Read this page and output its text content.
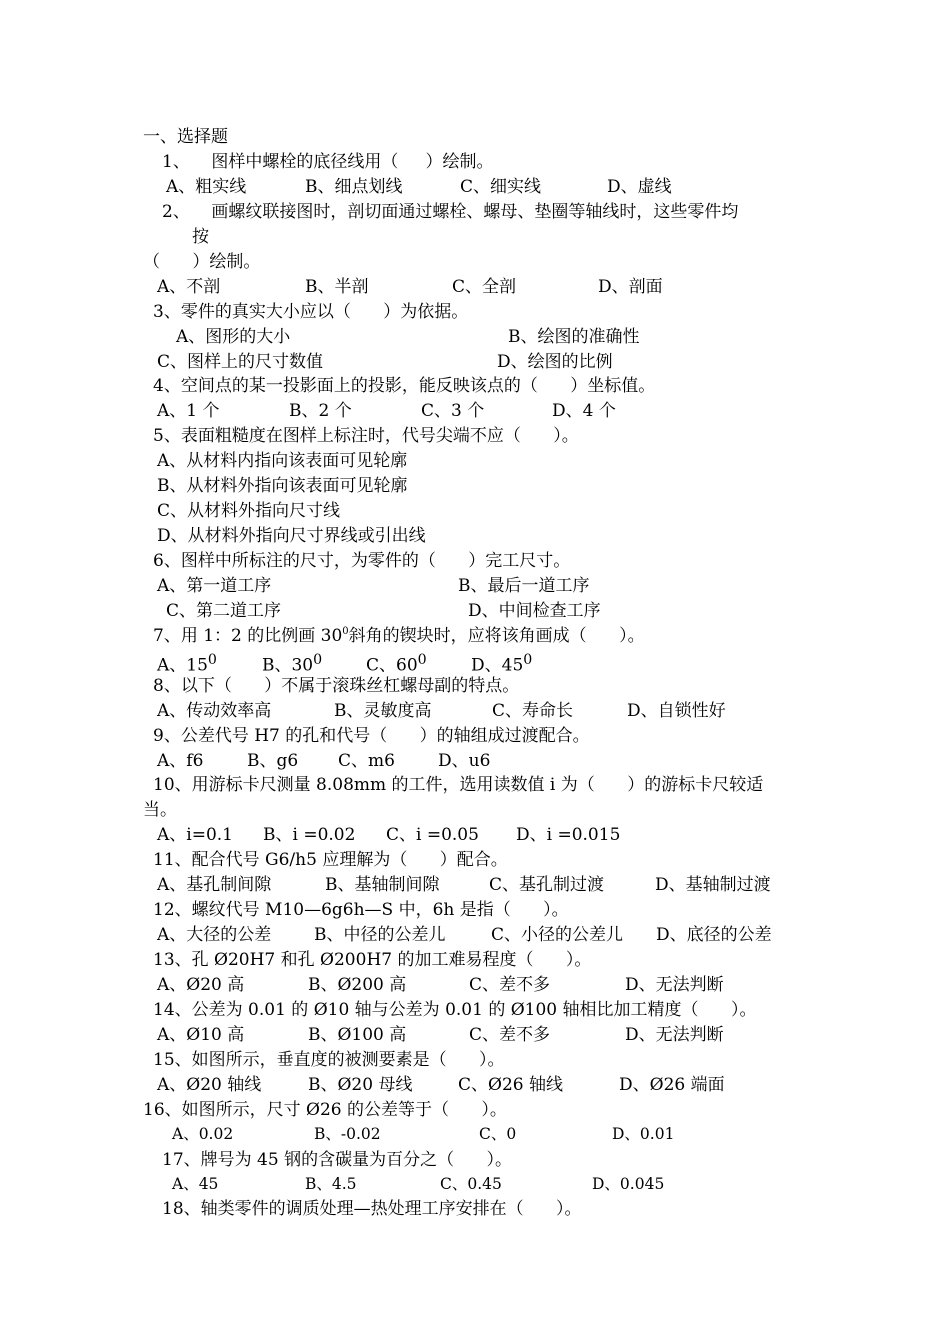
一、选择题
1、    图样中螺栓的底径线用（     ）绘制。
A、粗实线	B、细点划线	C、细实线	D、虚线
2、    画螺纹联接图时，剖切面通过螺栓、螺母、垫圈等轴线时，这些零件均
按
（      ）绘制。
A、不剖	B、半剖	C、全剖	D、剖面
3、零件的真实大小应以（      ）为依据。
A、图形的大小	B、绘图的准确性
C、图样上的尺寸数值	D、绘图的比例
4、空间点的某一投影面上的投影，能反映该点的（      ）坐标值。
A、1 个	B、2 个	C、3 个	D、4 个
5、表面粗糙度在图样上标注时，代号尖端不应（      ）。
A、从材料内指向该表面可见轮廓
B、从材料外指向该表面可见轮廓
C、从材料外指向尺寸线
D、从材料外指向尺寸界线或引出线
6、图样中所标注的尺寸，为零件的（      ）完工尺寸。
A、第一道工序	B、最后一道工序
C、第二道工序	D、中间检查工序
7、用 1：2 的比例画 $30^0$斜角的锲块时，应将该角画成（      ）。
A、$15^0$	B、$30^0$	C、$60^0$	D、$45^0$
8、以下（      ）不属于滚珠丝杠螺母副的特点。
A、传动效率高	B、灵敏度高	C、寿命长	D、自锁性好
9、公差代号 H7 的孔和代号（      ）的轴组成过渡配合。
A、f6	B、g6 C、m6	D、u6
10、用游标卡尺测量 8.08mm 的工件，选用读数值 i 为（      ）的游标卡尺较适
当。
A、i=0.1 B、i =0.02 C、i =0.05 D、i =0.015
11、配合代号 G6/h5 应理解为（      ）配合。
A、基孔制间隙	B、基轴制间隙	C、基孔制过渡	D、基轴制过渡
12、螺纹代号 M10—6g6h—S 中，6h 是指（      ）。
A、大径的公差	B、中径的公差儿	C、小径的公差儿 D、底径的公差
13、孔 Ø20H7 和孔 Ø200H7 的加工难易程度（      ）。
A、Ø20 高	B、Ø200 高	C、差不多	D、无法判断
14、公差为 0.01 的 Ø10 轴与公差为 0.01 的 Ø100 轴相比加工精度（      ）。
A、Ø10 高	B、Ø100 高	C、差不多	D、无法判断
15、如图所示，垂直度的被测要素是（      ）。
A、Ø20 轴线	B、Ø20 母线	C、Ø26 轴线	D、Ø26 端面
16、如图所示，尺寸 Ø26 的公差等于（      ）。
A、0.02	B、-0.02	C、0	D、0.01
17、牌号为 45 钢的含碳量为百分之（      ）。
A、45	B、4.5	C、0.45	D、0.045
18、轴类零件的调质处理—热处理工序安排在（      ）。
